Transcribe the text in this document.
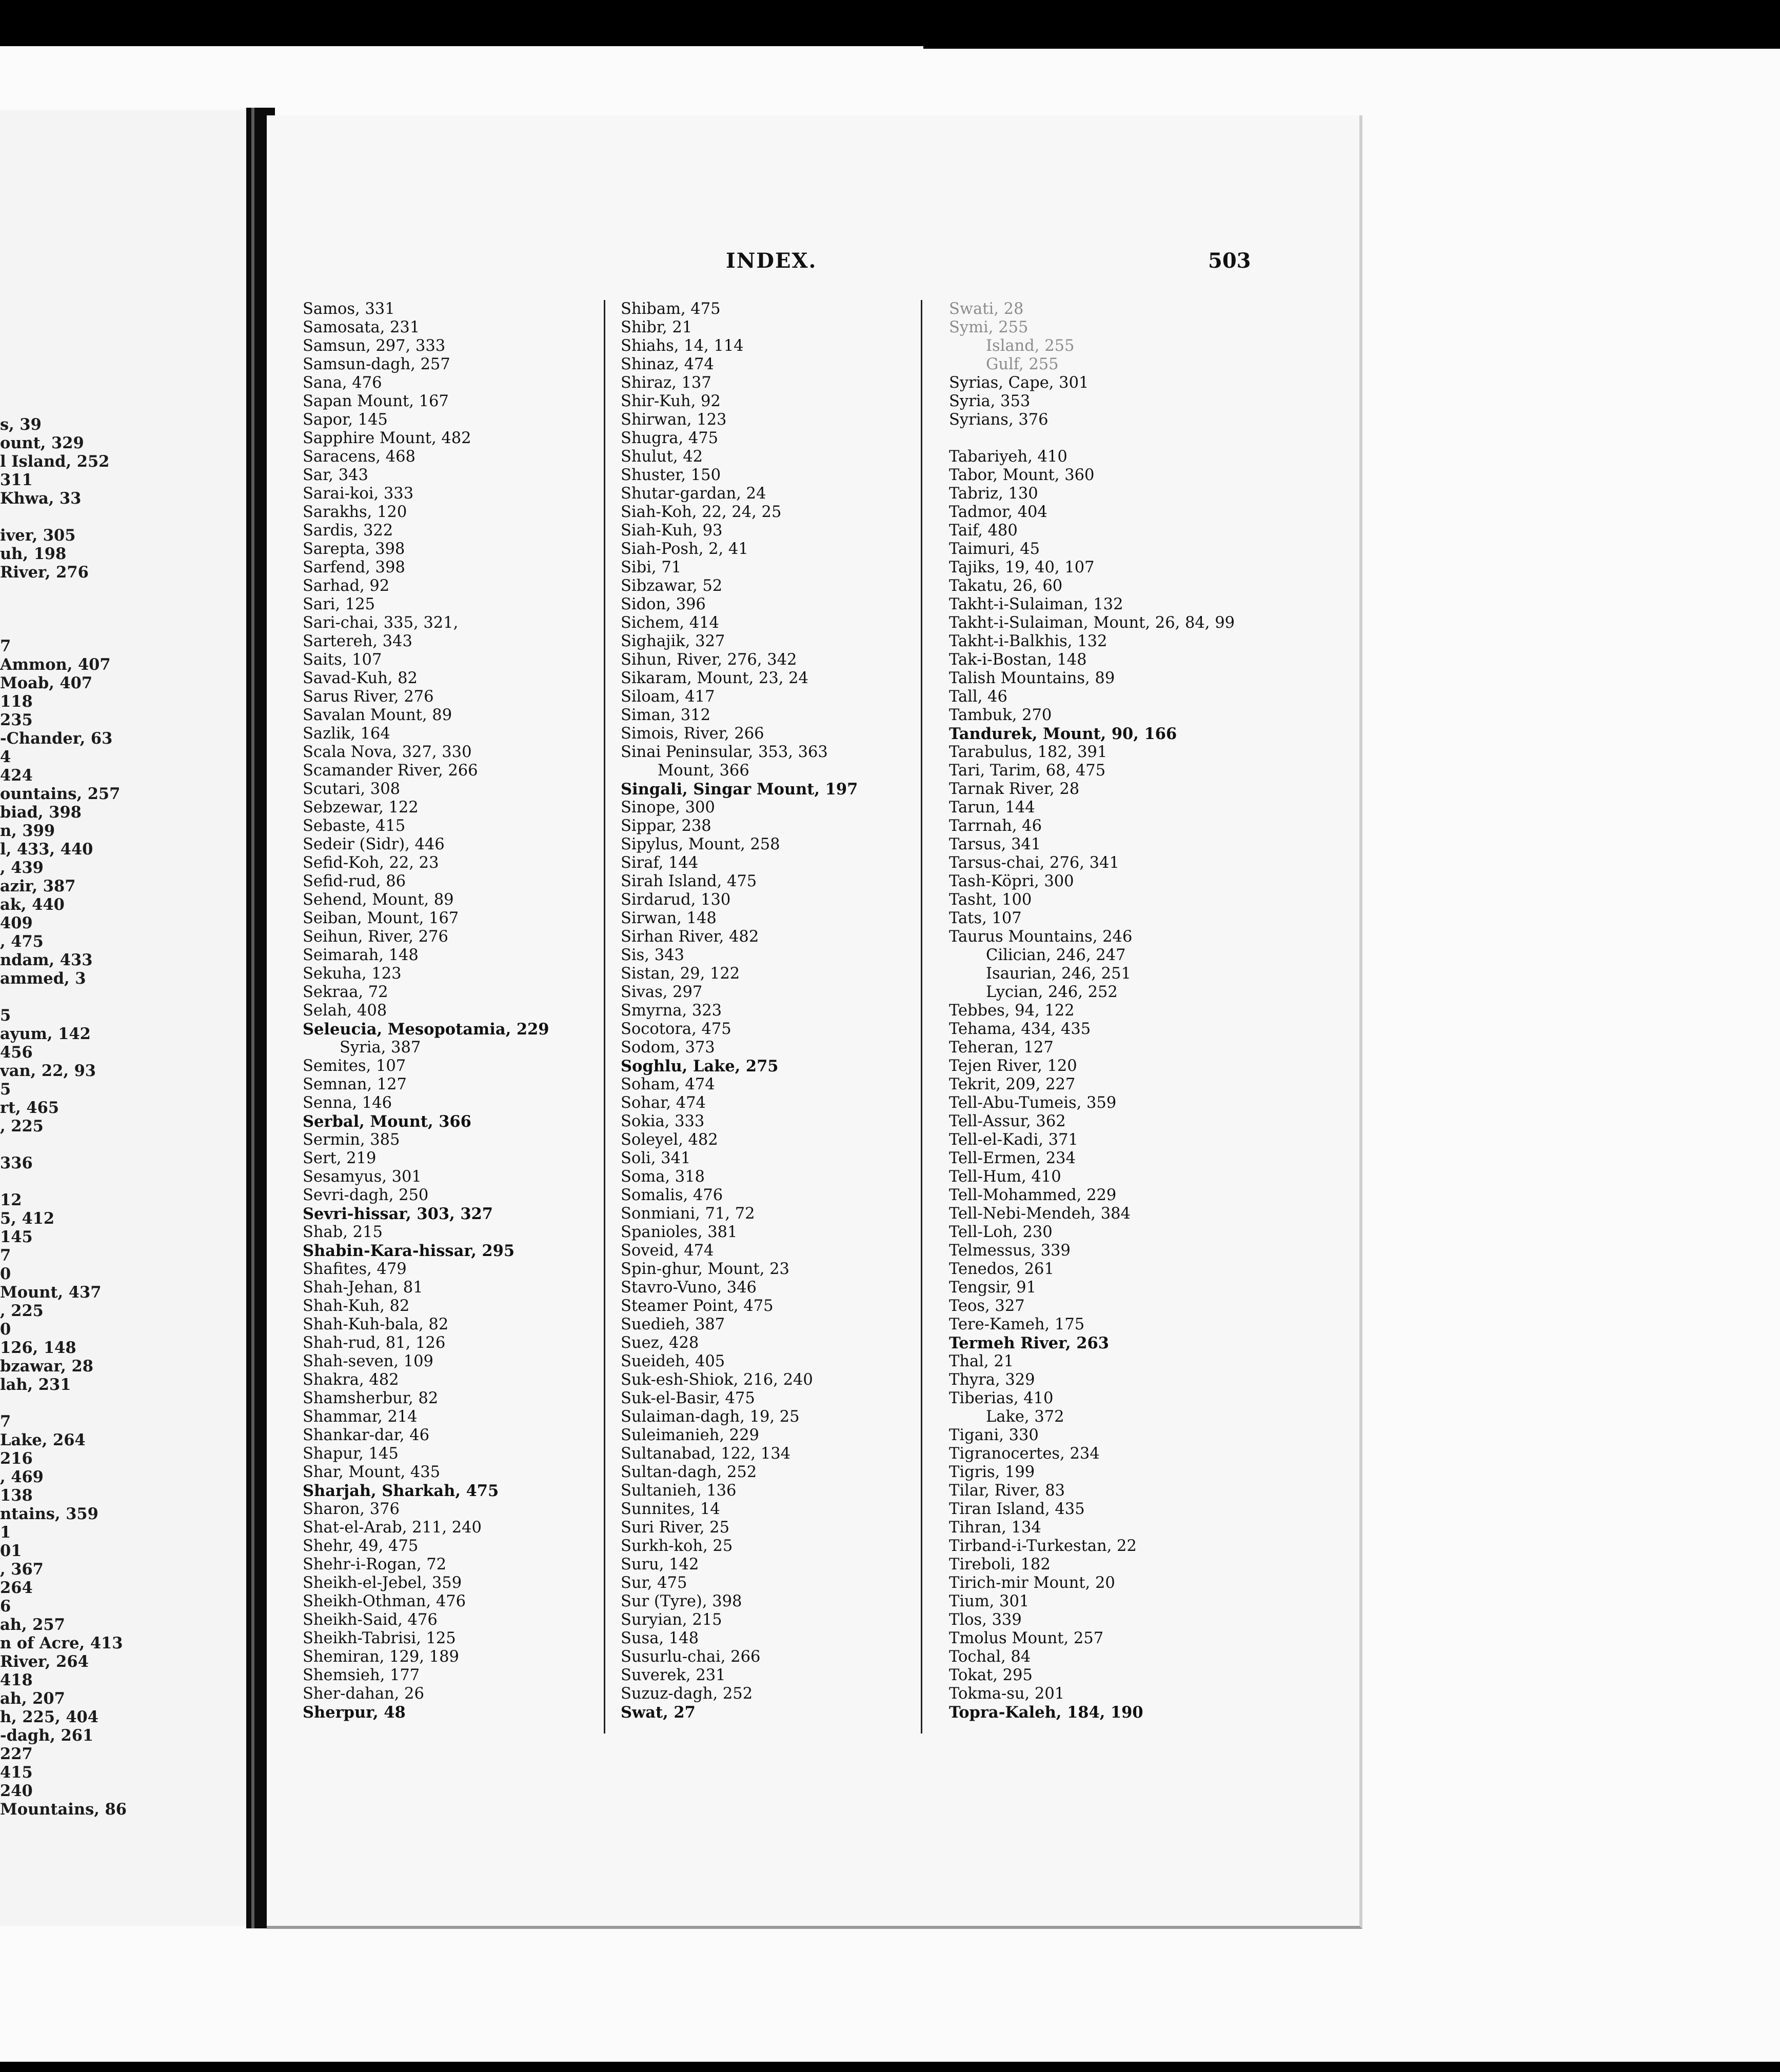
s, 39
ount, 329
l Island, 252
311
Khwa, 33
iver, 305
uh, 198
River, 276
7
Ammon, 407
Moab, 407
118
235
-Chander, 63
4
424
ountains, 257
biad, 398
n, 399
l, 433, 440
, 439
azir, 387
ak, 440
409
, 475
ndam, 433
ammed, 3
5
ayum, 142
456
van, 22, 93
5
rt, 465
, 225
336
12
5, 412
145
7
0
Mount, 437
, 225
0
126, 148
bzawar, 28
lah, 231
7
Lake, 264
216
, 469
138
ntains, 359
1
01
, 367
264
6
ah, 257
n of Acre, 413
River, 264
418
ah, 207
h, 225, 404
-dagh, 261
227
415
240
Mountains, 86
INDEX.	503
Samos, 331
Samosata, 231
Samsun, 297, 333
Samsun-dagh, 257
Sana, 476
Sapan Mount, 167
Sapor, 145
Sapphire Mount, 482
Saracens, 468
Sar, 343
Sarai-koi, 333
Sarakhs, 120
Sardis, 322
Sarepta, 398
Sarfend, 398
Sarhad, 92
Sari, 125
Sari-chai, 335, 321,
Sartereh, 343
Saits, 107
Savad-Kuh, 82
Sarus River, 276
Savalan Mount, 89
Sazlik, 164
Scala Nova, 327, 330
Scamander River, 266
Scutari, 308
Sebzewar, 122
Sebaste, 415
Sedeir (Sidr), 446
Sefid-Koh, 22, 23
Sefid-rud, 86
Sehend, Mount, 89
Seiban, Mount, 167
Seihun, River, 276
Seimarah, 148
Sekuha, 123
Sekraa, 72
Selah, 408
Seleucia, Mesopotamia, 229
Syria, 387
Semites, 107
Semnan, 127
Senna, 146
Serbal, Mount, 366
Sermin, 385
Sert, 219
Sesamyus, 301
Sevri-dagh, 250
Sevri-hissar, 303, 327
Shab, 215
Shabin-Kara-hissar, 295
Shafites, 479
Shah-Jehan, 81
Shah-Kuh, 82
Shah-Kuh-bala, 82
Shah-rud, 81, 126
Shah-seven, 109
Shakra, 482
Shamsherbur, 82
Shammar, 214
Shankar-dar, 46
Shapur, 145
Shar, Mount, 435
Sharjah, Sharkah, 475
Sharon, 376
Shat-el-Arab, 211, 240
Shehr, 49, 475
Shehr-i-Rogan, 72
Sheikh-el-Jebel, 359
Sheikh-Othman, 476
Sheikh-Said, 476
Sheikh-Tabrisi, 125
Shemiran, 129, 189
Shemsieh, 177
Sher-dahan, 26
Sherpur, 48
Shibam, 475
Shibr, 21
Shiahs, 14, 114
Shinaz, 474
Shiraz, 137
Shir-Kuh, 92
Shirwan, 123
Shugra, 475
Shulut, 42
Shuster, 150
Shutar-gardan, 24
Siah-Koh, 22, 24, 25
Siah-Kuh, 93
Siah-Posh, 2, 41
Sibi, 71
Sibzawar, 52
Sidon, 396
Sichem, 414
Sighajik, 327
Sihun, River, 276, 342
Sikaram, Mount, 23, 24
Siloam, 417
Siman, 312
Simois, River, 266
Sinai Peninsular, 353, 363
Mount, 366
Singali, Singar Mount, 197
Sinope, 300
Sippar, 238
Sipylus, Mount, 258
Siraf, 144
Sirah Island, 475
Sirdarud, 130
Sirwan, 148
Sirhan River, 482
Sis, 343
Sistan, 29, 122
Sivas, 297
Smyrna, 323
Socotora, 475
Sodom, 373
Soghlu, Lake, 275
Soham, 474
Sohar, 474
Sokia, 333
Soleyel, 482
Soli, 341
Soma, 318
Somalis, 476
Sonmiani, 71, 72
Spanioles, 381
Soveid, 474
Spin-ghur, Mount, 23
Stavro-Vuno, 346
Steamer Point, 475
Suedieh, 387
Suez, 428
Sueideh, 405
Suk-esh-Shiok, 216, 240
Suk-el-Basir, 475
Sulaiman-dagh, 19, 25
Suleimanieh, 229
Sultanabad, 122, 134
Sultan-dagh, 252
Sultanieh, 136
Sunnites, 14
Suri River, 25
Surkh-koh, 25
Suru, 142
Sur, 475
Sur (Tyre), 398
Suryian, 215
Susa, 148
Susurlu-chai, 266
Suverek, 231
Suzuz-dagh, 252
Swat, 27
Swati, 28
Symi, 255
Island, 255
Gulf, 255
Syrias, Cape, 301
Syria, 353
Syrians, 376
Tabariyeh, 410
Tabor, Mount, 360
Tabriz, 130
Tadmor, 404
Taif, 480
Taimuri, 45
Tajiks, 19, 40, 107
Takatu, 26, 60
Takht-i-Sulaiman, 132
Takht-i-Sulaiman, Mount, 26, 84, 99
Takht-i-Balkhis, 132
Tak-i-Bostan, 148
Talish Mountains, 89
Tall, 46
Tambuk, 270
Tandurek, Mount, 90, 166
Tarabulus, 182, 391
Tari, Tarim, 68, 475
Tarnak River, 28
Tarun, 144
Tarrnah, 46
Tarsus, 341
Tarsus-chai, 276, 341
Tash-Köpri, 300
Tasht, 100
Tats, 107
Taurus Mountains, 246
Cilician, 246, 247
Isaurian, 246, 251
Lycian, 246, 252
Tebbes, 94, 122
Tehama, 434, 435
Teheran, 127
Tejen River, 120
Tekrit, 209, 227
Tell-Abu-Tumeis, 359
Tell-Assur, 362
Tell-el-Kadi, 371
Tell-Ermen, 234
Tell-Hum, 410
Tell-Mohammed, 229
Tell-Nebi-Mendeh, 384
Tell-Loh, 230
Telmessus, 339
Tenedos, 261
Tengsir, 91
Teos, 327
Tere-Kameh, 175
Termeh River, 263
Thal, 21
Thyra, 329
Tiberias, 410
Lake, 372
Tigani, 330
Tigranocertes, 234
Tigris, 199
Tilar, River, 83
Tiran Island, 435
Tihran, 134
Tirband-i-Turkestan, 22
Tireboli, 182
Tirich-mir Mount, 20
Tium, 301
Tlos, 339
Tmolus Mount, 257
Tochal, 84
Tokat, 295
Tokma-su, 201
Topra-Kaleh, 184, 190
